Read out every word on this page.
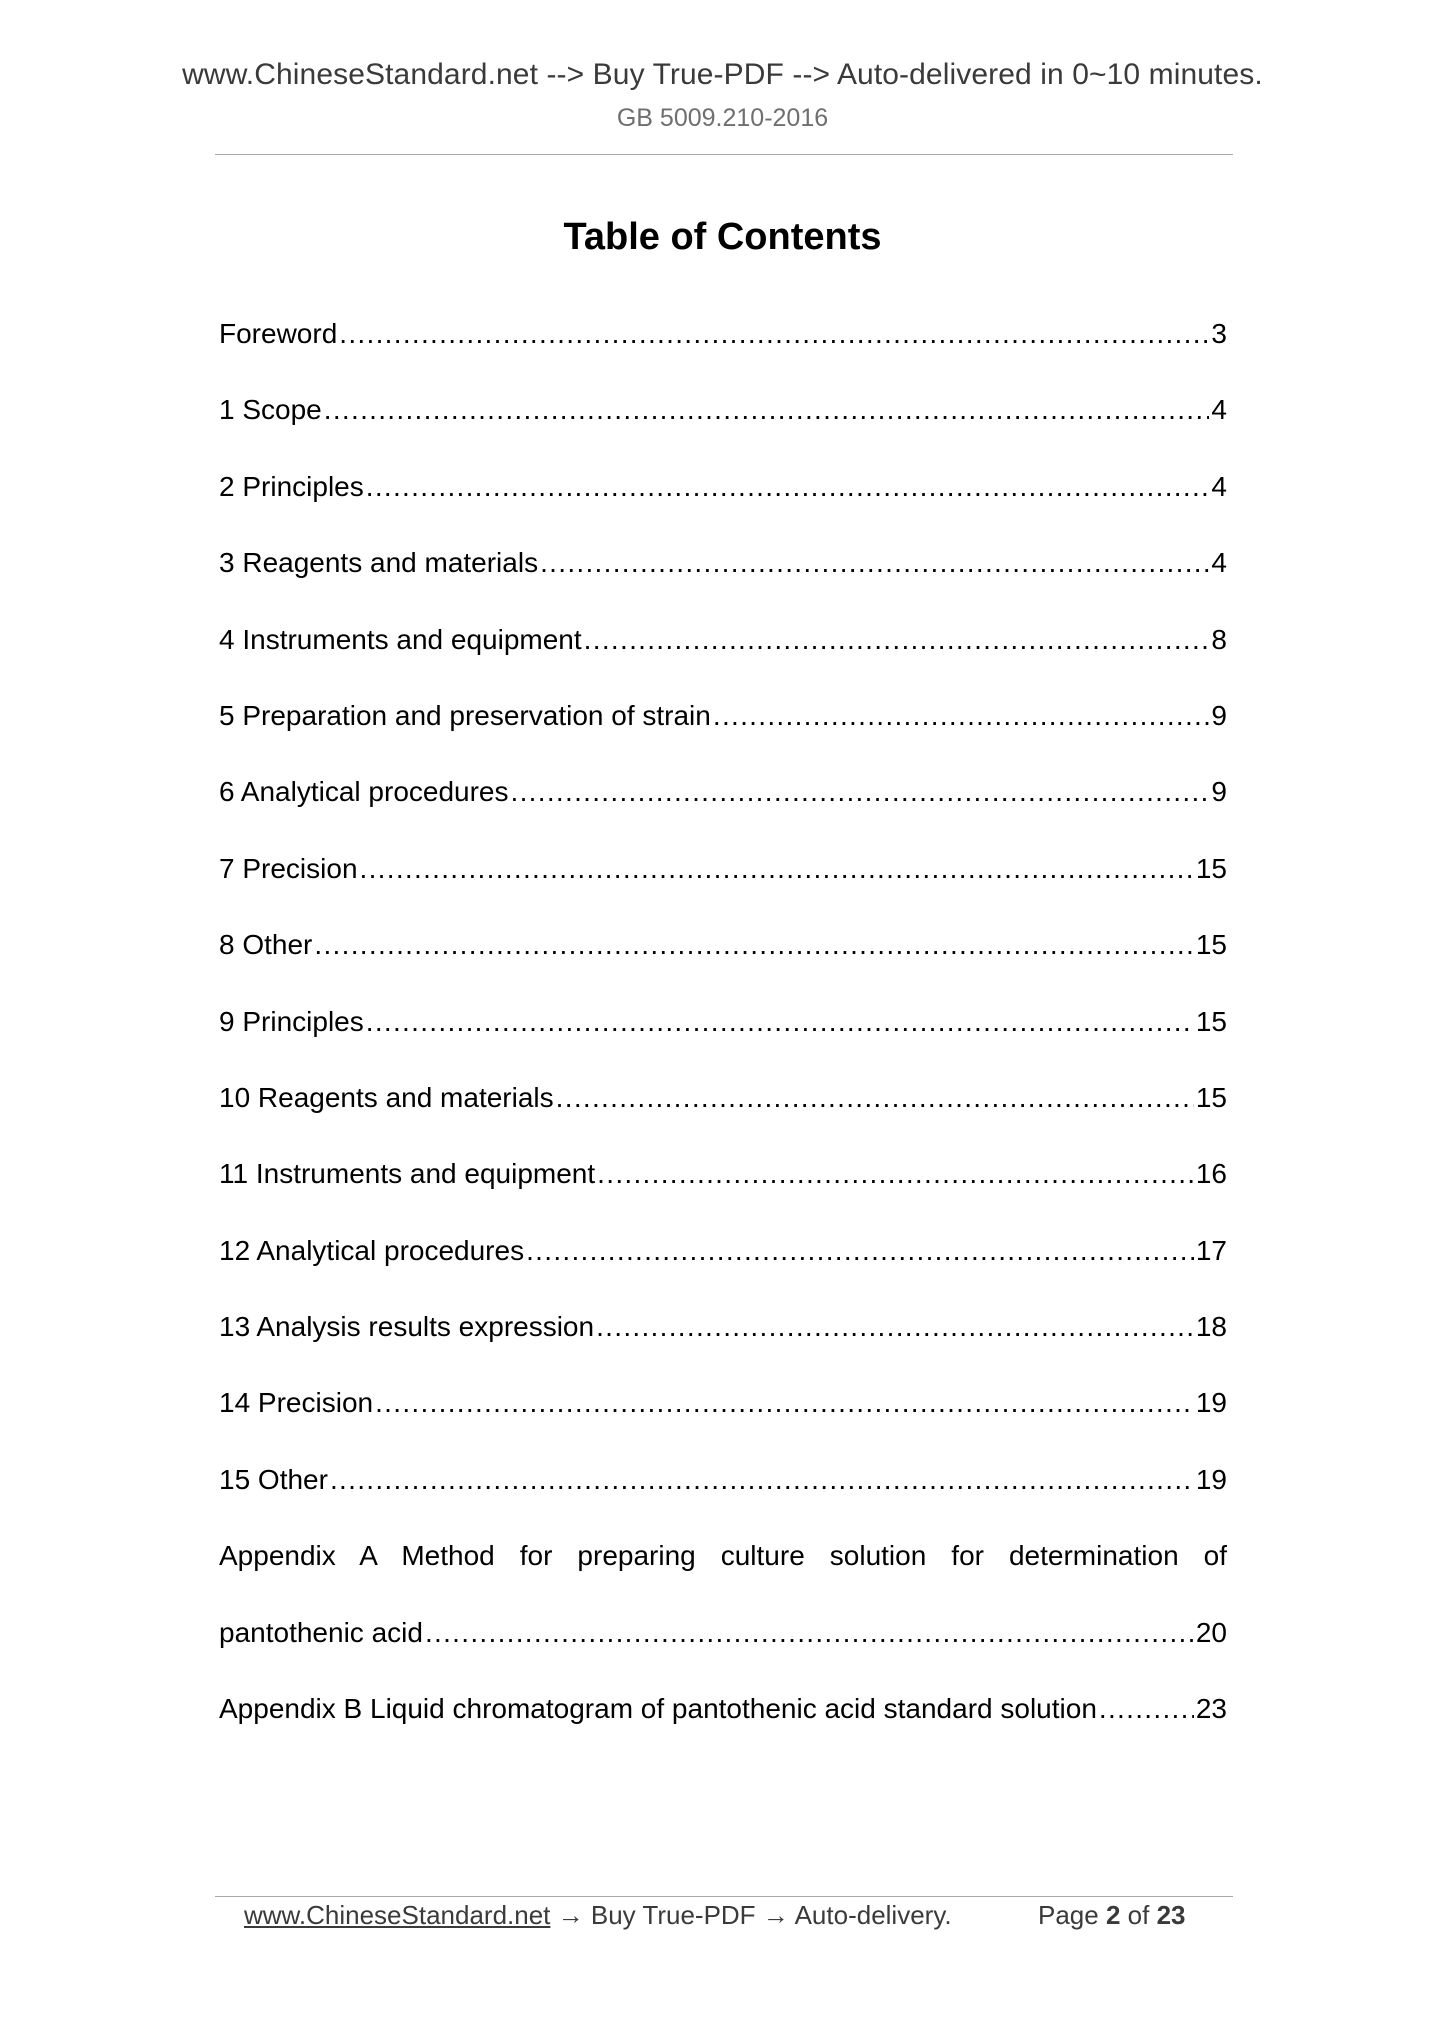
www.ChineseStandard.net --> Buy True-PDF --> Auto-delivered in 0~10 minutes.
GB 5009.210-2016
Table of Contents
Foreword .....	3
1 Scope .....	4
2 Principles .....	4
3 Reagents and materials .....	4
4 Instruments and equipment .....	8
5 Preparation and preservation of strain .....	9
6 Analytical procedures .....	9
7 Precision .....	15
8 Other .....	15
9 Principles .....	15
10 Reagents and materials .....	15
11 Instruments and equipment .....	16
12 Analytical procedures .....	17
13 Analysis results expression .....	18
14 Precision .....	19
15 Other .....	19
Appendix A Method for preparing culture solution for determination of
pantothenic acid .....	20
Appendix B Liquid chromatogram of pantothenic acid standard solution .....	23
www.ChineseStandard.net → Buy True-PDF → Auto-delivery.	Page 2 of 23
